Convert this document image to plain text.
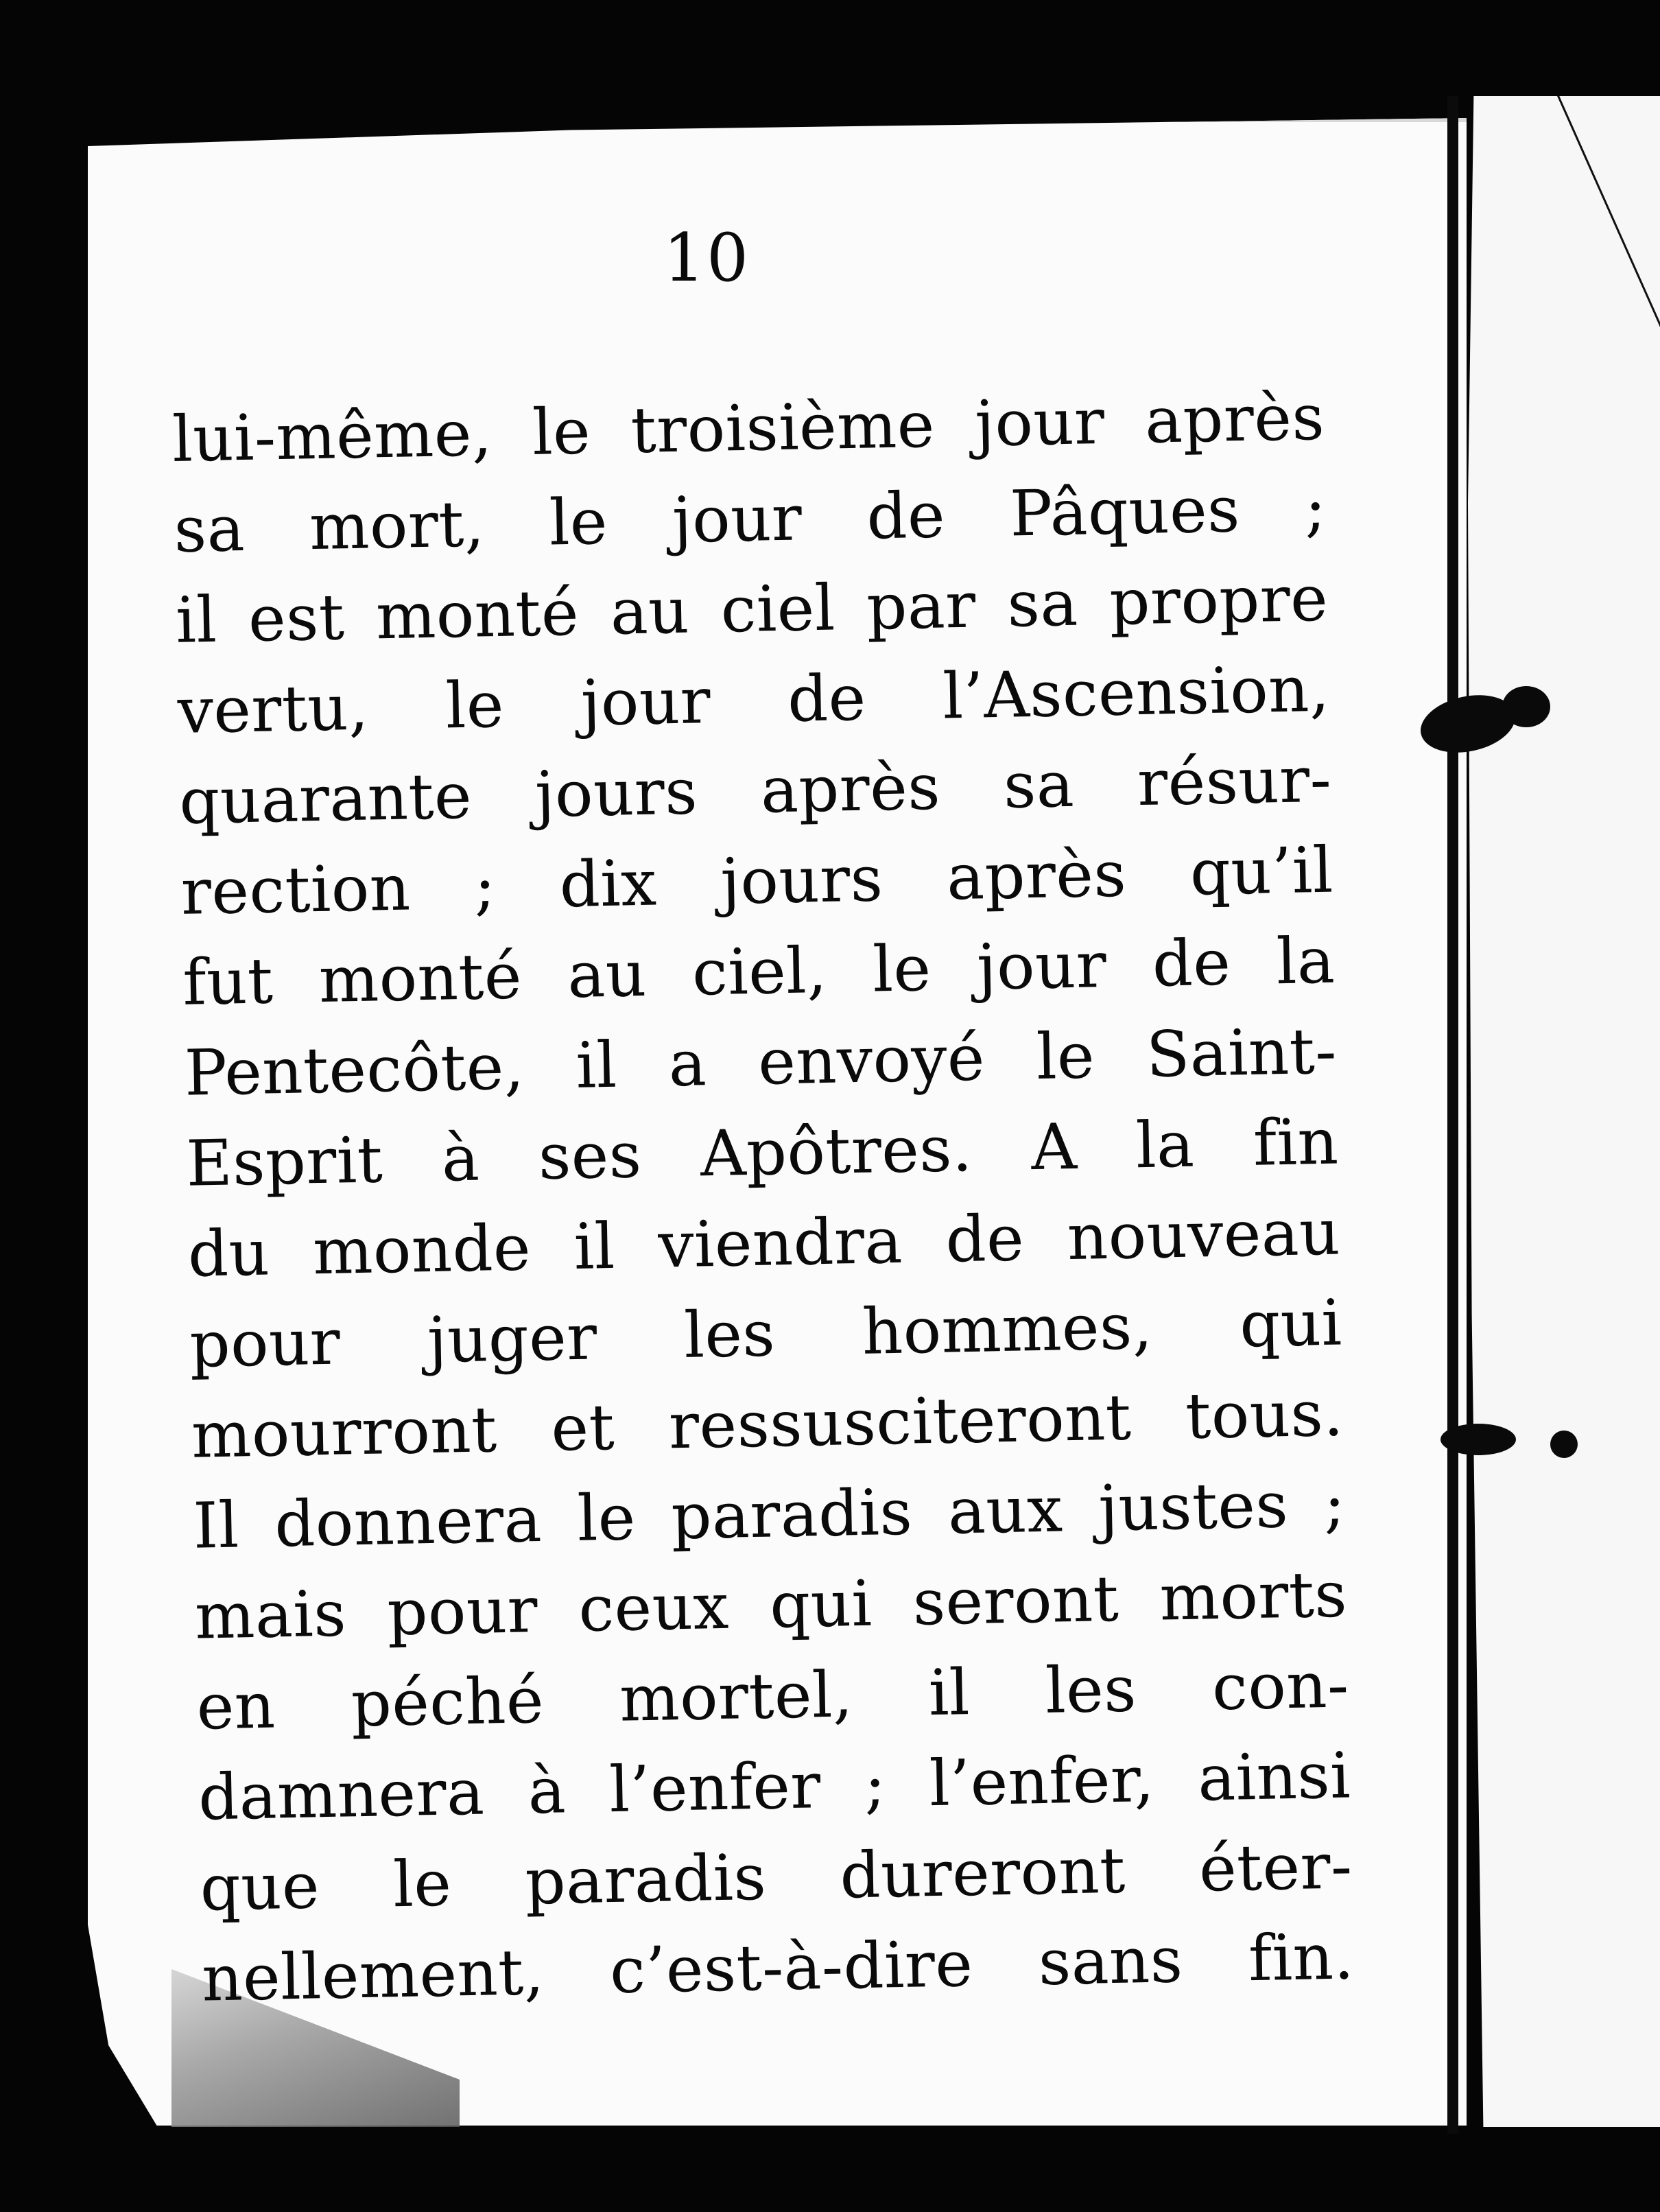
10
lui-même, le troisième jour après
sa mort, le jour de Pâques ;
il est monté au ciel par sa propre
vertu, le jour de l’Ascension,
quarante jours après sa résur-
rection ; dix jours après qu’il
fut monté au ciel, le jour de la
Pentecôte, il a envoyé le Saint-
Esprit à ses Apôtres. A la fin
du monde il viendra de nouveau
pour juger les hommes, qui
mourront et ressusciteront tous.
Il donnera le paradis aux justes ;
mais pour ceux qui seront morts
en péché mortel, il les con-
damnera à l’enfer ; l’enfer, ainsi
que le paradis dureront éter-
nellement, c’est-à-dire sans fin.
